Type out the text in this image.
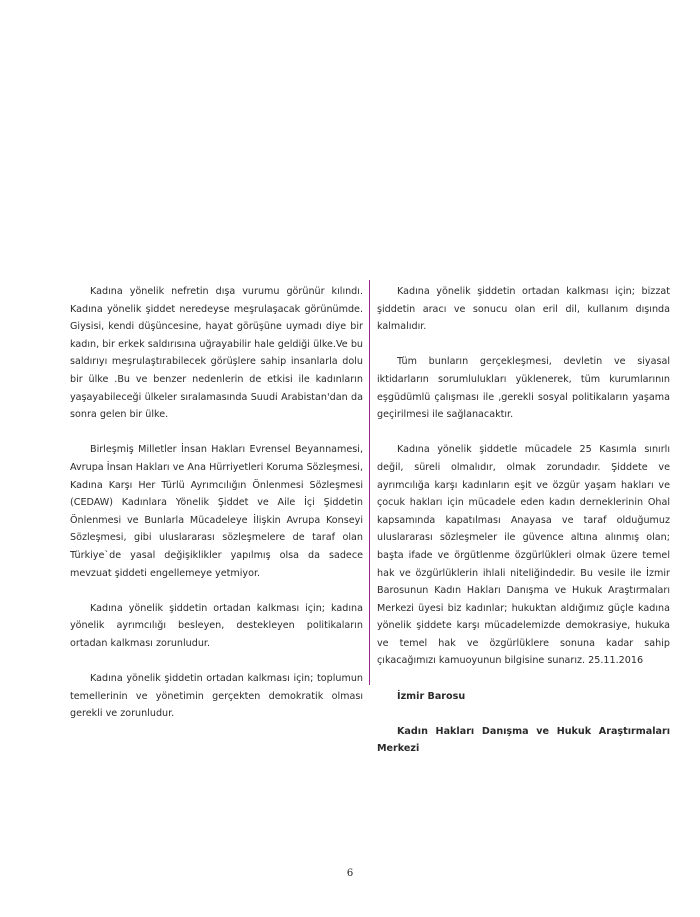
Kadına yönelik nefretin dışa vurumu görünür kılındı. Kadına yönelik şiddet neredeyse meşrulaşacak görünümde. Giysisi, kendi düşüncesine, hayat görüşüne uymadı diye bir kadın, bir erkek saldırısına uğrayabilir hale geldiği ülke.Ve bu saldırıyı meşrulaştırabilecek görüşlere sahip insanlarla dolu bir ülke .Bu ve benzer nedenlerin de etkisi ile kadınların yaşayabileceği ülkeler sıralamasında Suudi Arabistan'dan da sonra gelen bir ülke.

Birleşmiş Milletler İnsan Hakları Evrensel Beyannamesi, Avrupa İnsan Hakları ve Ana Hürriyetleri Koruma Sözleşmesi, Kadına Karşı Her Türlü Ayrımcılığın Önlenmesi Sözleşmesi (CEDAW) Kadınlara Yönelik Şiddet ve Aile İçi Şiddetin Önlenmesi ve Bunlarla Mücadeleye İlişkin Avrupa Konseyi Sözleşmesi, gibi uluslararası sözleşmelere de taraf olan Türkiye`de yasal değişiklikler yapılmış olsa da sadece mevzuat şiddeti engellemeye yetmiyor.

Kadına yönelik şiddetin ortadan kalkması için; kadına yönelik ayrımcılığı besleyen, destekleyen politikaların ortadan kalkması zorunludur.

Kadına yönelik şiddetin ortadan kalkması için; toplumun temellerinin ve yönetimin gerçekten demokratik olması gerekli ve zorunludur.

Kadına yönelik şiddetin ortadan kalkması için; bizzat şiddetin aracı ve sonucu olan eril dil, kullanım dışında kalmalıdır.

Tüm bunların gerçekleşmesi, devletin ve siyasal iktidarların sorumlulukları yüklenerek, tüm kurumlarının eşgüdümlü çalışması ile ,gerekli sosyal politikaların yaşama geçirilmesi ile sağlanacaktır.

Kadına yönelik şiddetle mücadele 25 Kasımla sınırlı değil, süreli olmalıdır, olmak zorundadır. Şiddete ve ayrımcılığa karşı kadınların eşit ve özgür yaşam hakları ve çocuk hakları için mücadele eden kadın derneklerinin Ohal kapsamında kapatılması Anayasa ve taraf olduğumuz uluslararası sözleşmeler ile güvence altına alınmış olan; başta ifade ve örgütlenme özgürlükleri olmak üzere temel hak ve özgürlüklerin ihlali niteliğindedir. Bu vesile ile İzmir Barosunun Kadın Hakları Danışma ve Hukuk Araştırmaları Merkezi üyesi biz kadınlar; hukuktan aldığımız güçle kadına yönelik şiddete karşı mücadelemizde demokrasiye, hukuka ve temel hak ve özgürlüklere sonuna kadar sahip çıkacağımızı kamuoyunun bilgisine sunarız. 25.11.2016

İzmir Barosu

Kadın Hakları Danışma ve Hukuk Araştırmaları Merkezi

6
